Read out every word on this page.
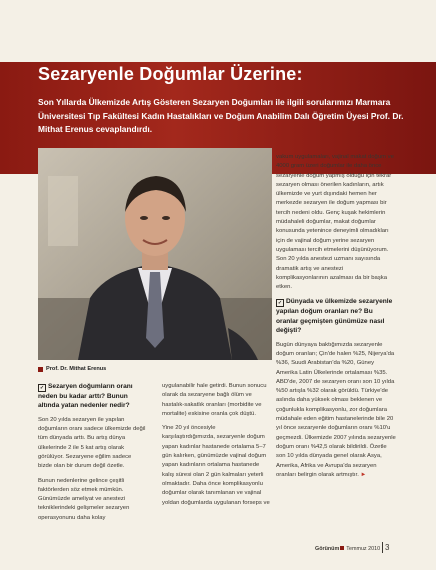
Sezaryenle Doğumlar Üzerine:
Son Yıllarda Ülkemizde Artış Gösteren Sezaryen Doğumları ile ilgili sorularımızı Marmara Üniversitesi Tıp Fakültesi Kadın Hastalıkları ve Doğum Anabilim Dalı Öğretim Üyesi Prof. Dr. Mithat Erenus cevaplandırdı.
Prof. Dr. Mithat Erenus
✓ Sezaryen doğumların oranı neden bu kadar arttı? Bunun altında yatan nedenler nedir?

Son 20 yılda sezaryen ile yapılan doğumların oranı sadece ülkemizde değil tüm dünyada arttı. Bu artış dünya ülkelerinde 2 ile 5 kat artış olarak görülüyor. Sezaryene eğilim sadece bizde olan bir durum değil özetle.

Bunun nedenlerine gelince çeşitli faktörlerden söz etmek mümkün. Günümüzde ameliyat ve anestezi tekniklerindeki gelişmeler sezaryen operasyonunu daha kolay

uygulanabilir hale getirdi. Bunun sonucu olarak da sezaryene bağlı ölüm ve hastalık-sakatlık oranları (morbidite ve mortalite) eskisine oranla çok düştü.

Yine 20 yıl öncesiyle karşılaştırdığımızda, sezaryenle doğum yapan kadınlar hastanede ortalama 5–7 gün kalırken, günümüzde vajinal doğum yapan kadınların ortalama hastanede kalış süresi olan 2 gün kalmaları yeterli olmaktadır. Daha önce komplikasyonlu doğumlar olarak tanımlanan ve vajinal yoldan doğumlarda uygulanan forseps ve

vakum uygulamaları, vajinal makat doğum ve 4000 gram üzeri doğumlar ile daha önce sezaryenle doğum yapmış olduğu için tekrar sezaryen olması önerilen kadınların, artık ülkemizde ve yurt dışındaki hemen her merkezde sezaryen ile doğum yapması bir tercih nedeni oldu. Genç kuşak hekimlerin müdahaleli doğumlar, makat doğumlar konusunda yetenince deneyimli olmadıkları için de vajinal doğum yerine sezaryen uygulaması tercih etmelerini düşünüyorum. Son 20 yılda anestezi uzmanı sayısında dramatik artış ve anestezi komplikasyonlarının azalması da bir başka etken.

✓ Dünyada ve ülkemizde sezaryenle yapılan doğum oranları ne? Bu oranlar geçmişten günümüze nasıl değişti?

Bugün dünyaya baktığımızda sezaryenle doğum oranları; Çin'de halen %25, Nijerya'da %36, Suudi Arabistan'da %20, Güney Amerika Latin Ülkelerinde ortalaması %35. ABD'de, 2007 de sezaryen oranı son 10 yılda %50 artışla %32 olarak görüldü. Türkiye'de aslında daha yüksek olması beklenen ve çoğunlukla komplikasyonlu, zor doğumlara müdahale eden eğitim hastanelerinde bile 20 yıl önce sezaryenle doğumların oranı %10'u geçmezdi. Ülkemizde 2007 yılında sezaryenle doğum oranı %42,5 olarak bildirildi. Özetle son 10 yılda dünyada genel olarak Asya, Amerika, Afrika ve Avrupa'da sezaryen oranları belirgin olarak artmıştır. ►

Görünüm Temmuz 2010 3
